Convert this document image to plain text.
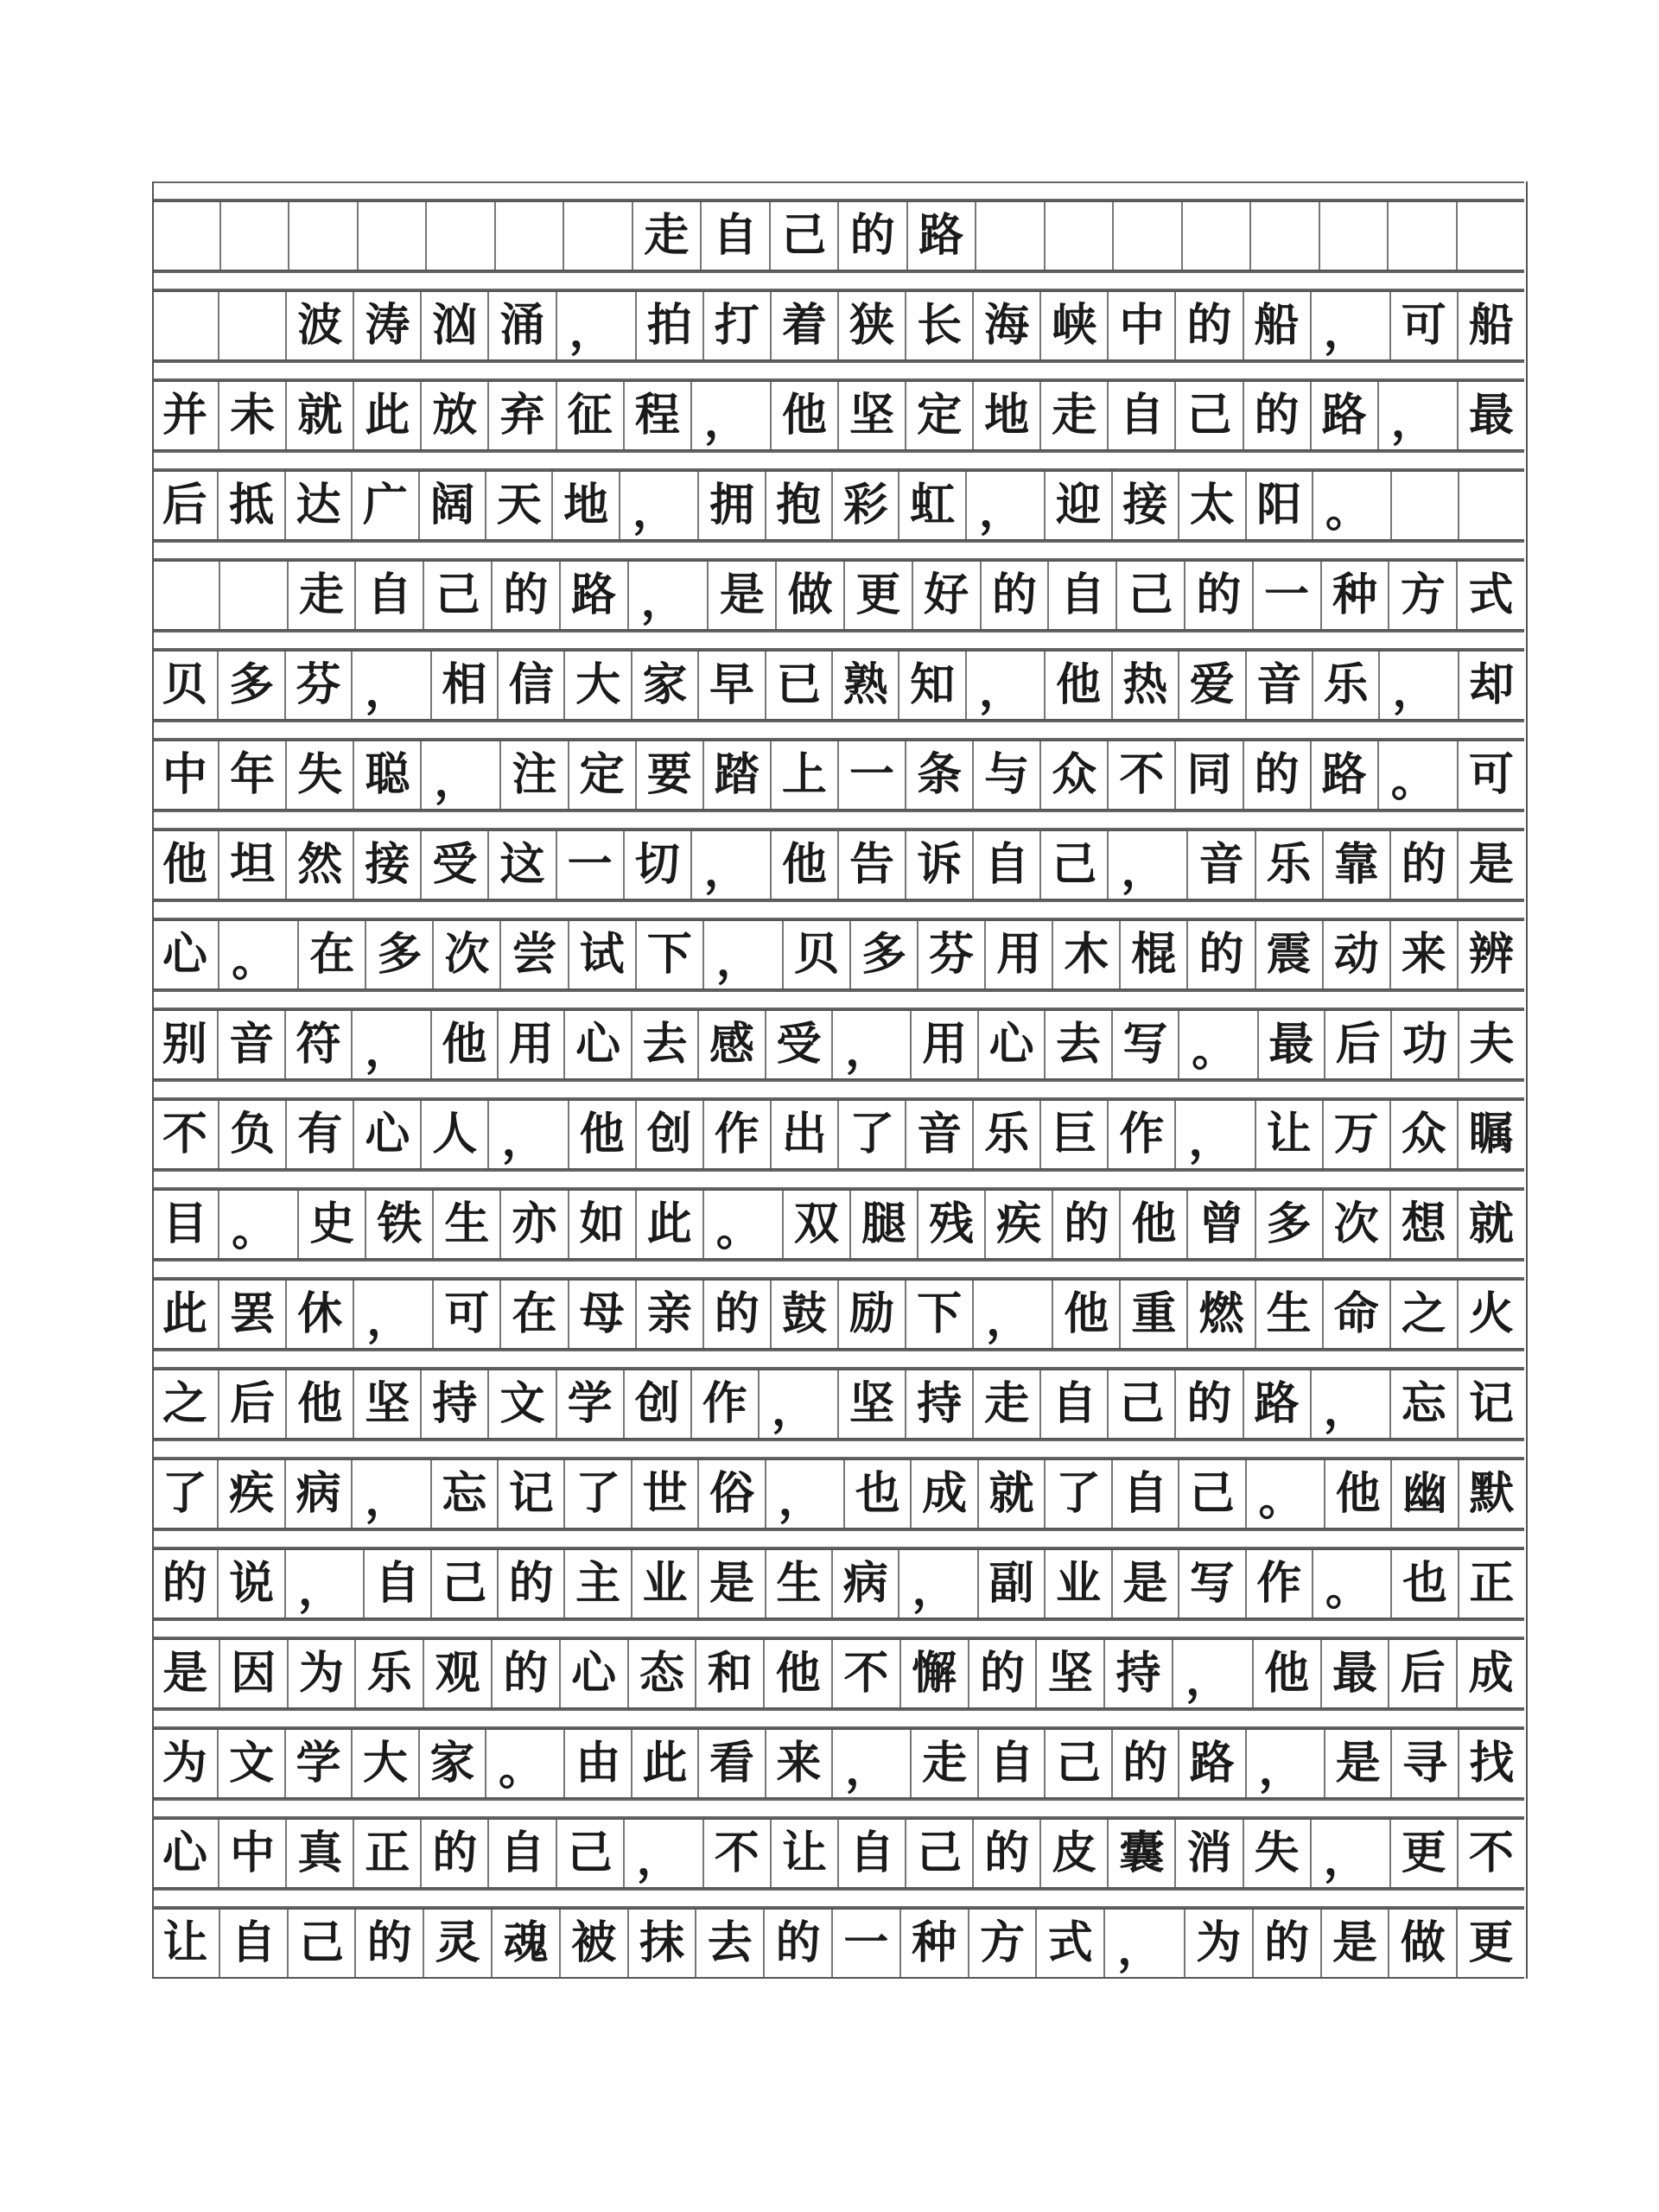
走 自 己 的 路
波 涛 汹 涌 ， 拍 打 着 狭 长 海 峡 中 的 船 ， 可 船
并 未 就 此 放 弃 征 程 ， 他 坚 定 地 走 自 己 的 路 ， 最
后 抵 达 广 阔 天 地 ， 拥 抱 彩 虹 ， 迎 接 太 阳 。
走 自 己 的 路 ， 是 做 更 好 的 自 己 的 一 种 方 式
贝 多 芬 ， 相 信 大 家 早 已 熟 知 ， 他 热 爱 音 乐 ， 却
中 年 失 聪 ， 注 定 要 踏 上 一 条 与 众 不 同 的 路 。 可
他 坦 然 接 受 这 一 切 ， 他 告 诉 自 己 ， 音 乐 靠 的 是
心 。 在 多 次 尝 试 下 ， 贝 多 芬 用 木 棍 的 震 动 来 辨
别 音 符 ， 他 用 心 去 感 受 ， 用 心 去 写 。 最 后 功 夫
不 负 有 心 人 ， 他 创 作 出 了 音 乐 巨 作 ， 让 万 众 瞩
目 。 史 铁 生 亦 如 此 。 双 腿 残 疾 的 他 曾 多 次 想 就
此 罢 休 ， 可 在 母 亲 的 鼓 励 下 ， 他 重 燃 生 命 之 火
之 后 他 坚 持 文 学 创 作 ， 坚 持 走 自 己 的 路 ， 忘 记
了 疾 病 ， 忘 记 了 世 俗 ， 也 成 就 了 自 己 。 他 幽 默
的 说 ， 自 己 的 主 业 是 生 病 ， 副 业 是 写 作 。 也 正
是 因 为 乐 观 的 心 态 和 他 不 懈 的 坚 持 ， 他 最 后 成
为 文 学 大 家 。 由 此 看 来 ， 走 自 己 的 路 ， 是 寻 找
心 中 真 正 的 自 己 ， 不 让 自 己 的 皮 囊 消 失 ， 更 不
让 自 己 的 灵 魂 被 抹 去 的 一 种 方 式 ， 为 的 是 做 更
